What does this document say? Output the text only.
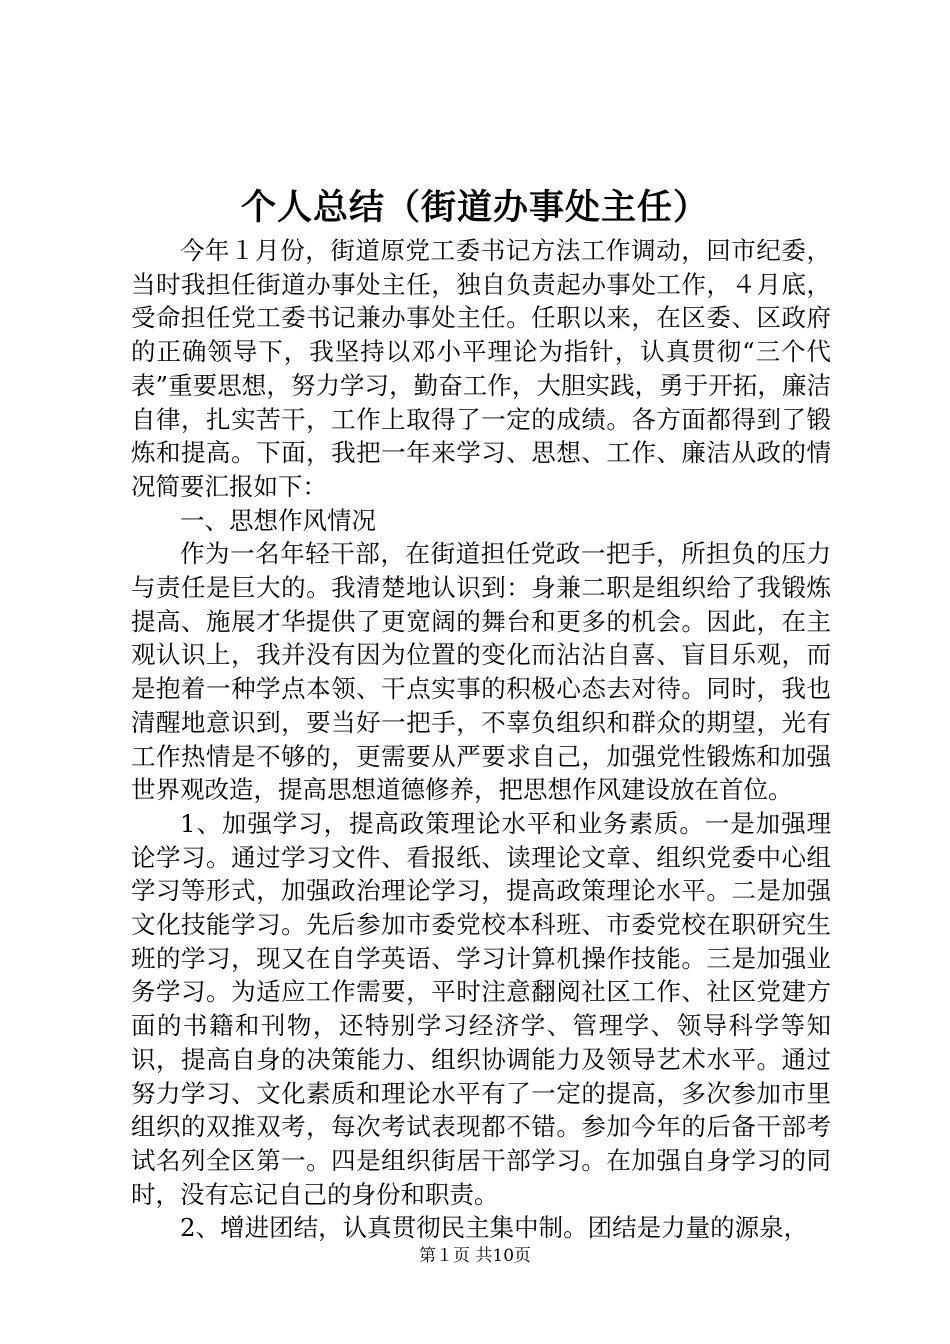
个人总结（街道办事处主任）

今年１月份，街道原党工委书记方法工作调动，回市纪委，当时我担任街道办事处主任，独自负责起办事处工作，４月底，受命担任党工委书记兼办事处主任。任职以来，在区委、区政府的正确领导下，我坚持以邓小平理论为指针，认真贯彻“三个代表”重要思想，努力学习，勤奋工作，大胆实践，勇于开拓，廉洁自律，扎实苦干，工作上取得了一定的成绩。各方面都得到了锻炼和提高。下面，我把一年来学习、思想、工作、廉洁从政的情况简要汇报如下：

一、思想作风情况

作为一名年轻干部，在街道担任党政一把手，所担负的压力与责任是巨大的。我清楚地认识到：身兼二职是组织给了我锻炼提高、施展才华提供了更宽阔的舞台和更多的机会。因此，在主观认识上，我并没有因为位置的变化而沾沾自喜、盲目乐观，而是抱着一种学点本领、干点实事的积极心态去对待。同时，我也清醒地意识到，要当好一把手，不辜负组织和群众的期望，光有工作热情是不够的，更需要从严要求自己，加强党性锻炼和加强世界观改造，提高思想道德修养，把思想作风建设放在首位。

1、加强学习，提高政策理论水平和业务素质。一是加强理论学习。通过学习文件、看报纸、读理论文章、组织党委中心组学习等形式，加强政治理论学习，提高政策理论水平。二是加强文化技能学习。先后参加市委党校本科班、市委党校在职研究生班的学习，现又在自学英语、学习计算机操作技能。三是加强业务学习。为适应工作需要，平时注意翻阅社区工作、社区党建方面的书籍和刊物，还特别学习经济学、管理学、领导科学等知识，提高自身的决策能力、组织协调能力及领导艺术水平。通过努力学习、文化素质和理论水平有了一定的提高，多次参加市里组织的双推双考，每次考试表现都不错。参加今年的后备干部考试名列全区第一。四是组织街居干部学习。在加强自身学习的同时，没有忘记自己的身份和职责。

2、增进团结，认真贯彻民主集中制。团结是力量的源泉，

第１页 共10页
